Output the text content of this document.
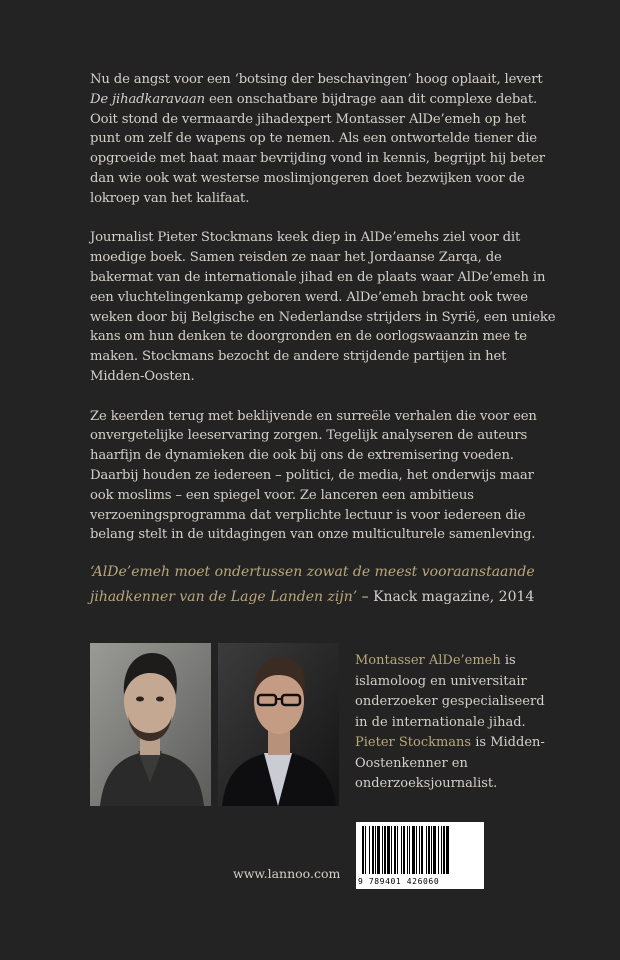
Nu de angst voor een ‘botsing der beschavingen’ hoog oplaait, levert
De jihadkaravaan een onschatbare bijdrage aan dit complexe debat. Ooit stond de vermaarde jihadexpert Montasser AlDe’emeh op het punt om zelf de wapens op te nemen. Als een ontwortelde tiener die opgroeide met haat maar bevrijding vond in kennis, begrijpt hij beter dan wie ook wat westerse moslimjongeren doet bezwijken voor de lokroep van het kalifaat.

Journalist Pieter Stockmans keek diep in AlDe’emehs ziel voor dit moedige boek. Samen reisden ze naar het Jordaanse Zarqa, de bakermat van de internationale jihad en de plaats waar AlDe’emeh in een vluchtelingenkamp geboren werd. AlDe’emeh bracht ook twee weken door bij Belgische en Nederlandse strijders in Syrië, een unieke kans om hun denken te doorgronden en de oorlogswaanzin mee te maken. Stockmans bezocht de andere strijdende partijen in het Midden-Oosten.

Ze keerden terug met beklijvende en surreële verhalen die voor een onvergetelijke leeservaring zorgen. Tegelijk analyseren de auteurs haarfijn de dynamieken die ook bij ons de extremisering voeden. Daarbij houden ze iedereen – politici, de media, het onderwijs maar ook moslims – een spiegel voor. Ze lanceren een ambitieus verzoeningsprogramma dat verplichte lectuur is voor iedereen die belang stelt in de uitdagingen van onze multiculturele samenleving.

‘AlDe’emeh moet ondertussen zowat de meest vooraanstaande jihadkenner van de Lage Landen zijn’ – Knack magazine, 2014
Montasser AlDe’emeh is islamoloog en universitair onderzoeker gespecialiseerd in de internationale jihad.
Pieter Stockmans is Midden-Oostenkenner en onderzoeksjournalist.
www.lannoo.com
9 789401 426060
